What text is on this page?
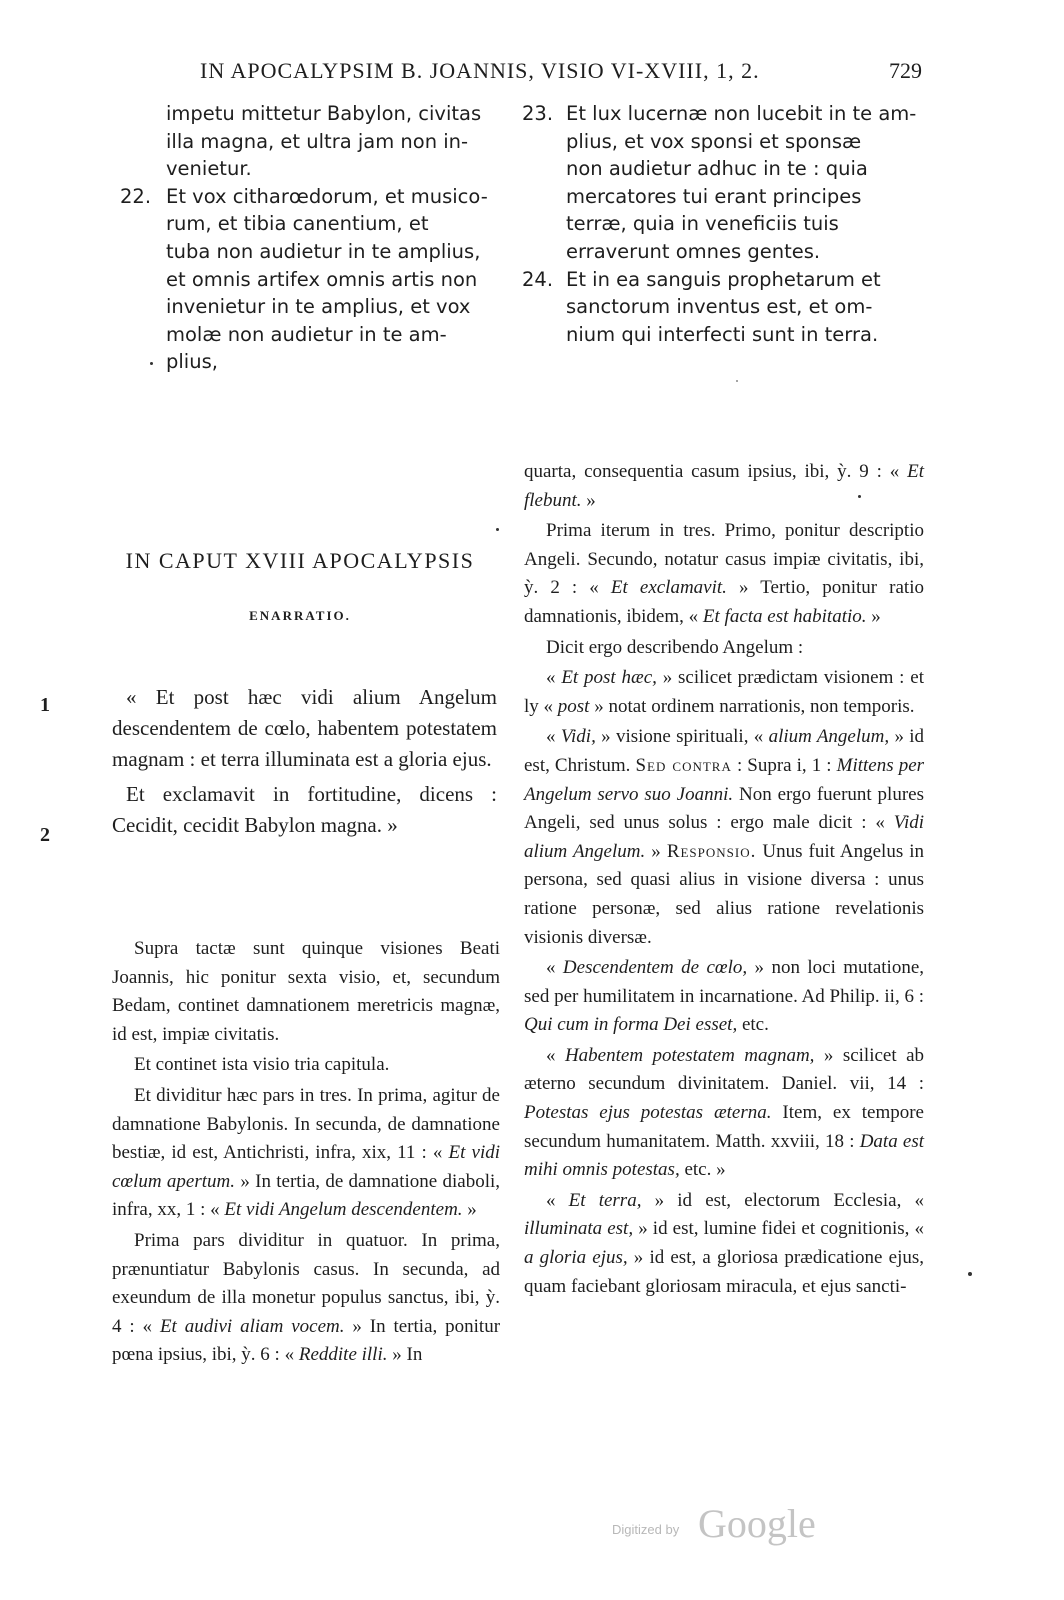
IN APOCALYPSIM B. JOANNIS, VISIO VI-XVIII, 1, 2.	729
impetu mittetur Babylon, civitas illa magna, et ultra jam non in- venietur.
22. Et vox citharœdorum, et musico-
rum, et tibia canentium, et
tuba non audietur in te amplius,
et omnis artifex omnis artis non
invenietur in te amplius, et vox
molæ non audietur in te am-
plius,
23. Et lux lucernæ non lucebit in te am-
plius, et vox sponsi et sponsæ
non audietur adhuc in te : quia
mercatores tui erant principes
terræ, quia in veneficiis tuis
erraverunt omnes gentes.
24. Et in ea sanguis prophetarum et
sanctorum inventus est, et om-
nium qui interfecti sunt in terra.
IN CAPUT XVIII APOCALYPSIS
ENARRATIO.
1
2

« Et post hæc vidi alium Angelum descendentem de cœlo, habentem potestatem magnam : et terra illuminata est a gloria ejus.

Et exclamavit in fortitudine, dicens : Cecidit, cecidit Babylon magna. »

Supra tactæ sunt quinque visiones Beati Joannis, hic ponitur sexta visio, et, secundum Bedam, continet damnationem meretricis magnæ, id est, impiæ civitatis.

Et continet ista visio tria capitula.

Et dividitur hæc pars in tres. In prima, agitur de damnatione Babylonis. In secunda, de damnatione bestiæ, id est, Antichristi, infra, xix, 11 : « Et vidi cœlum apertum. » In tertia, de damnatione diaboli, infra, xx, 1 : « Et vidi Angelum descendentem. »

Prima pars dividitur in quatuor. In prima, prænuntiatur Babylonis casus. In secunda, ad exeundum de illa monetur populus sanctus, ibi, ỳ. 4 : « Et audivi aliam vocem. » In tertia, ponitur pœna ipsius, ibi, ỳ. 6 : « Reddite illi. » In

quarta, consequentia casum ipsius, ibi, ỳ. 9 : « Et flebunt. »

Prima iterum in tres. Primo, ponitur descriptio Angeli. Secundo, notatur casus impiæ civitatis, ibi, ỳ. 2 : « Et exclamavit. » Tertio, ponitur ratio damnationis, ibidem, « Et facta est habitatio. »

Dicit ergo describendo Angelum :

« Et post hæc, » scilicet prædictam visionem : et ly « post » notat ordinem narrationis, non temporis.

« Vidi, » visione spirituali, « alium Angelum, » id est, Christum. Sed contra : Supra i, 1 : Mittens per Angelum servo suo Joanni. Non ergo fuerunt plures Angeli, sed unus solus : ergo male dicit : « Vidi alium Angelum. » Responsio. Unus fuit Angelus in persona, sed quasi alius in visione diversa : unus ratione personæ, sed alius ratione revelationis visionis diversæ.

« Descendentem de cœlo, » non loci mutatione, sed per humilitatem in incarnatione. Ad Philip. ii, 6 : Qui cum in forma Dei esset, etc.

« Habentem potestatem magnam, » scilicet ab æterno secundum divinitatem. Daniel. vii, 14 : Potestas ejus potestas æterna. Item, ex tempore secundum humanitatem. Matth. xxviii, 18 : Data est mihi omnis potestas, etc. »

« Et terra, » id est, electorum Ecclesia, « illuminata est, » id est, lumine fidei et cognitionis, « a gloria ejus, » id est, a gloriosa prædicatione ejus, quam faciebant gloriosam miracula, et ejus sancti-

Digitized by Google
